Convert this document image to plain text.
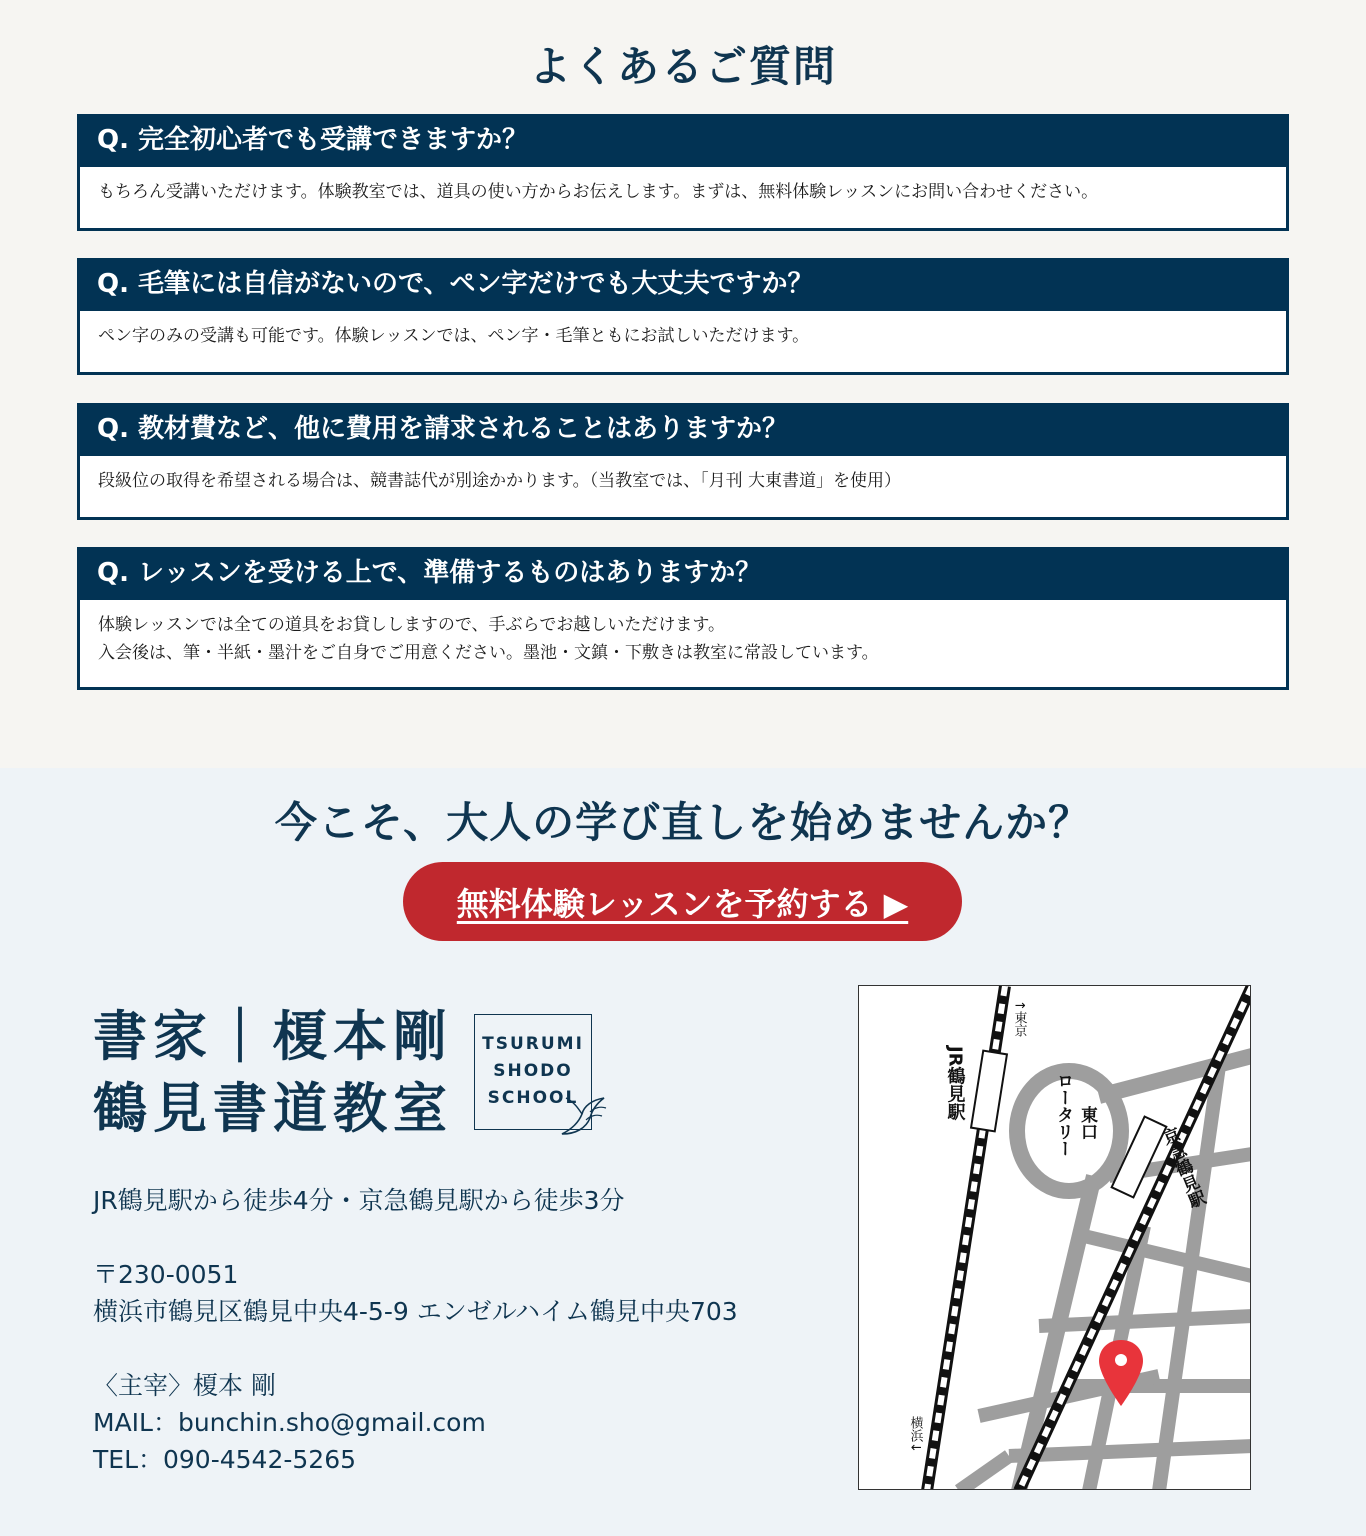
よくあるご質問
Q. 完全初心者でも受講できますか？
もちろん受講いただけます。体験教室では、道具の使い方からお伝えします。まずは、無料体験レッスンにお問い合わせください。
Q. 毛筆には自信がないので、ペン字だけでも大丈夫ですか？
ペン字のみの受講も可能です。体験レッスンでは、ペン字・毛筆ともにお試しいただけます。
Q. 教材費など、他に費用を請求されることはありますか？
段級位の取得を希望される場合は、競書誌代が別途かかります。（当教室では、「月刊 大東書道」を使用）
Q. レッスンを受ける上で、準備するものはありますか？
体験レッスンでは全ての道具をお貸ししますので、手ぶらでお越しいただけます。
入会後は、筆・半紙・墨汁をご自身でご用意ください。墨池・文鎮・下敷きは教室に常設しています。
今こそ、大人の学び直しを始めませんか？
無料体験レッスンを予約する ▶
書家｜榎本剛
鶴見書道教室
TSURUMI
SHODO
SCHOOL
JR鶴見駅から徒歩4分・京急鶴見駅から徒歩3分
〒230-0051
横浜市鶴見区鶴見中央4-5-9 エンゼルハイム鶴見中央703
〈主宰〉榎本 剛
MAIL：bunchin.sho@gmail.com
TEL：090-4542-5265
↑東京
JR鶴見駅
東口
ロータリー
京急鶴見駅
横浜↓
